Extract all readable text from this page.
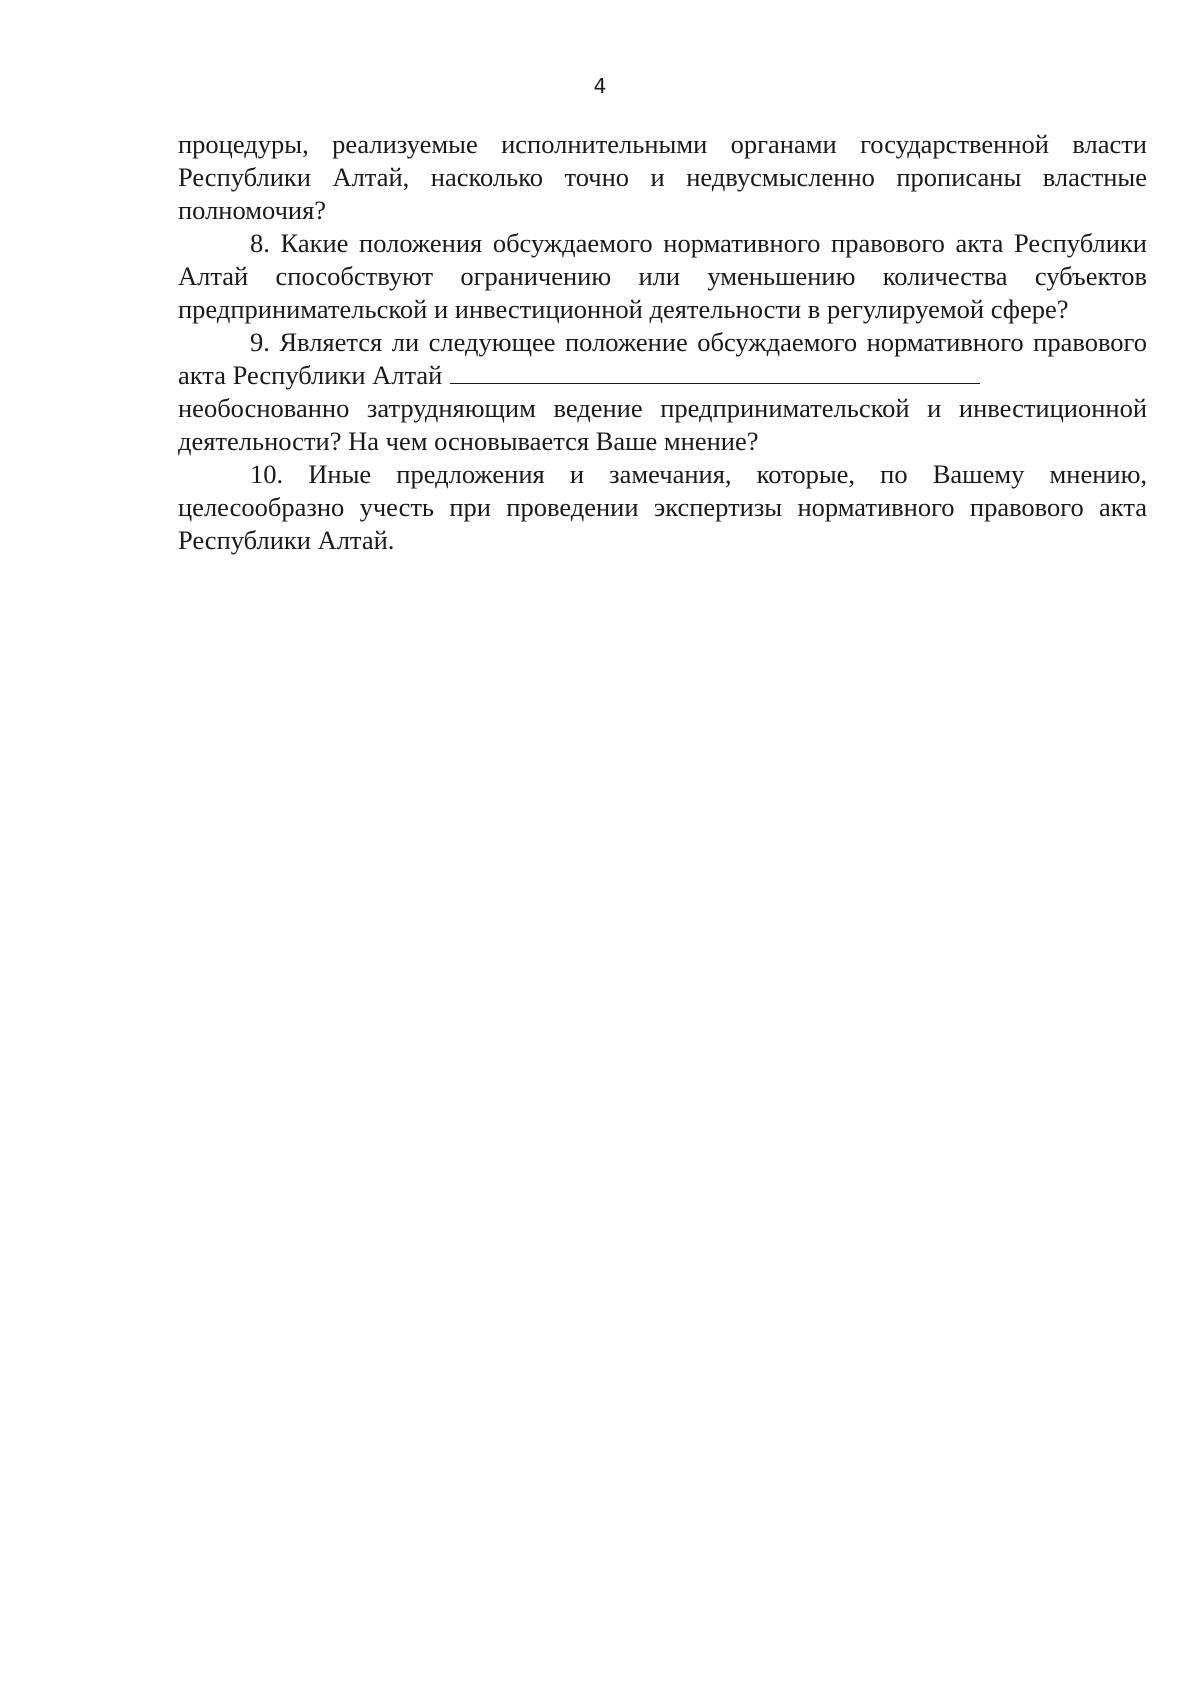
4

процедуры, реализуемые исполнительными органами государственной власти Республики Алтай, насколько точно и недвусмысленно прописаны властные полномочия?

8. Какие положения обсуждаемого нормативного правового акта Республики Алтай способствуют ограничению или уменьшению количества субъектов предпринимательской и инвестиционной деятельности в регулируемой сфере?

9. Является ли следующее положение обсуждаемого нормативного правового акта Республики Алтай

необоснованно затрудняющим ведение предпринимательской и инвестиционной деятельности? На чем основывается Ваше мнение?

10. Иные предложения и замечания, которые, по Вашему мнению, целесообразно учесть при проведении экспертизы нормативного правового акта Республики Алтай.
